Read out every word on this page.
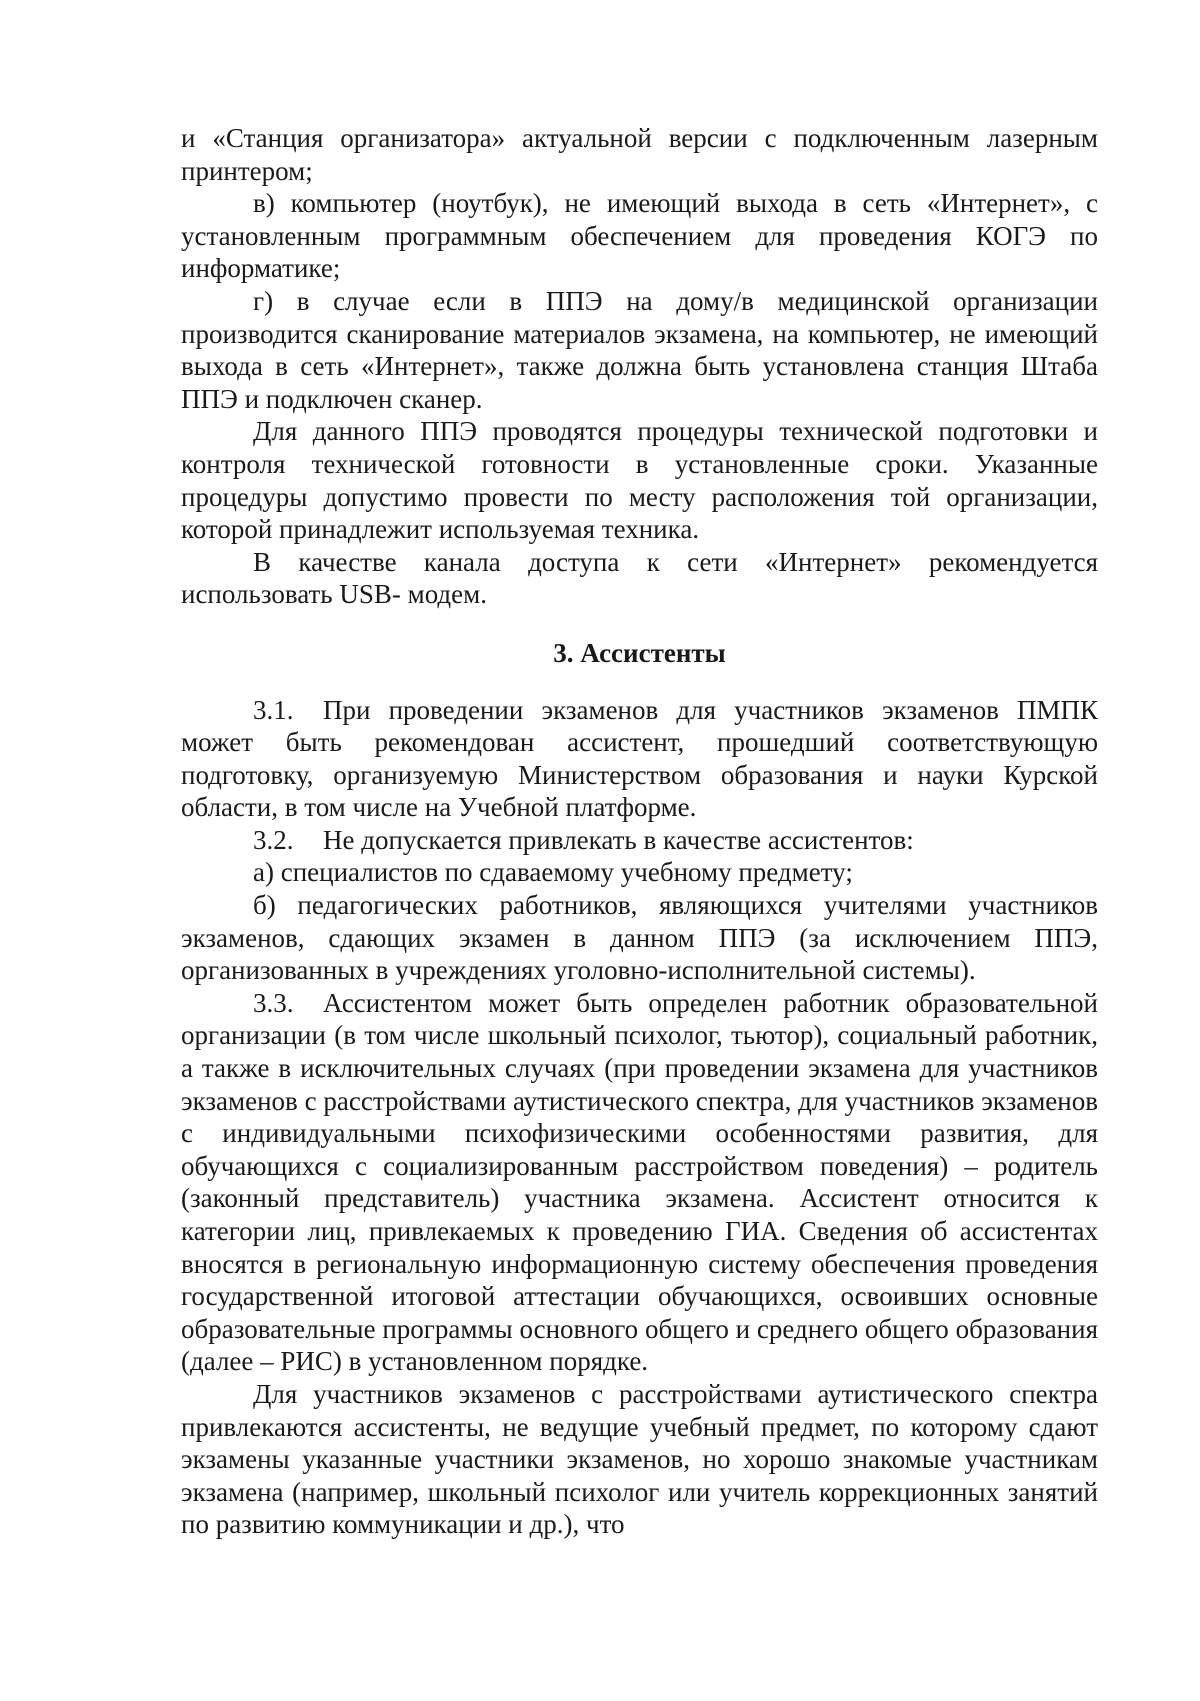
и «Станция организатора» актуальной версии с подключенным лазерным принтером;

в) компьютер (ноутбук), не имеющий выхода в сеть «Интернет», с установленным программным обеспечением для проведения КОГЭ по информатике;

г) в случае если в ППЭ на дому/в медицинской организации производится сканирование материалов экзамена, на компьютер, не имеющий выхода в сеть «Интернет», также должна быть установлена станция Штаба ППЭ и подключен сканер.

Для данного ППЭ проводятся процедуры технической подготовки и контроля технической готовности в установленные сроки. Указанные процедуры допустимо провести по месту расположения той организации, которой принадлежит используемая техника.

В качестве канала доступа к сети «Интернет» рекомендуется использовать USB- модем.

3. Ассистенты

3.1. При проведении экзаменов для участников экзаменов ПМПК может быть рекомендован ассистент, прошедший соответствующую подготовку, организуемую Министерством образования и науки Курской области, в том числе на Учебной платформе.

3.2. Не допускается привлекать в качестве ассистентов:

а) специалистов по сдаваемому учебному предмету;

б) педагогических работников, являющихся учителями участников экзаменов, сдающих экзамен в данном ППЭ (за исключением ППЭ, организованных в учреждениях уголовно-исполнительной системы).

3.3. Ассистентом может быть определен работник образовательной организации (в том числе школьный психолог, тьютор), социальный работник, а также в исключительных случаях (при проведении экзамена для участников экзаменов с расстройствами аутистического спектра, для участников экзаменов с индивидуальными психофизическими особенностями развития, для обучающихся с социализированным расстройством поведения) – родитель (законный представитель) участника экзамена. Ассистент относится к категории лиц, привлекаемых к проведению ГИА. Сведения об ассистентах вносятся в региональную информационную систему обеспечения проведения государственной итоговой аттестации обучающихся, освоивших основные образовательные программы основного общего и среднего общего образования (далее – РИС) в установленном порядке.

Для участников экзаменов с расстройствами аутистического спектра привлекаются ассистенты, не ведущие учебный предмет, по которому сдают экзамены указанные участники экзаменов, но хорошо знакомые участникам экзамена (например, школьный психолог или учитель коррекционных занятий по развитию коммуникации и др.), что
